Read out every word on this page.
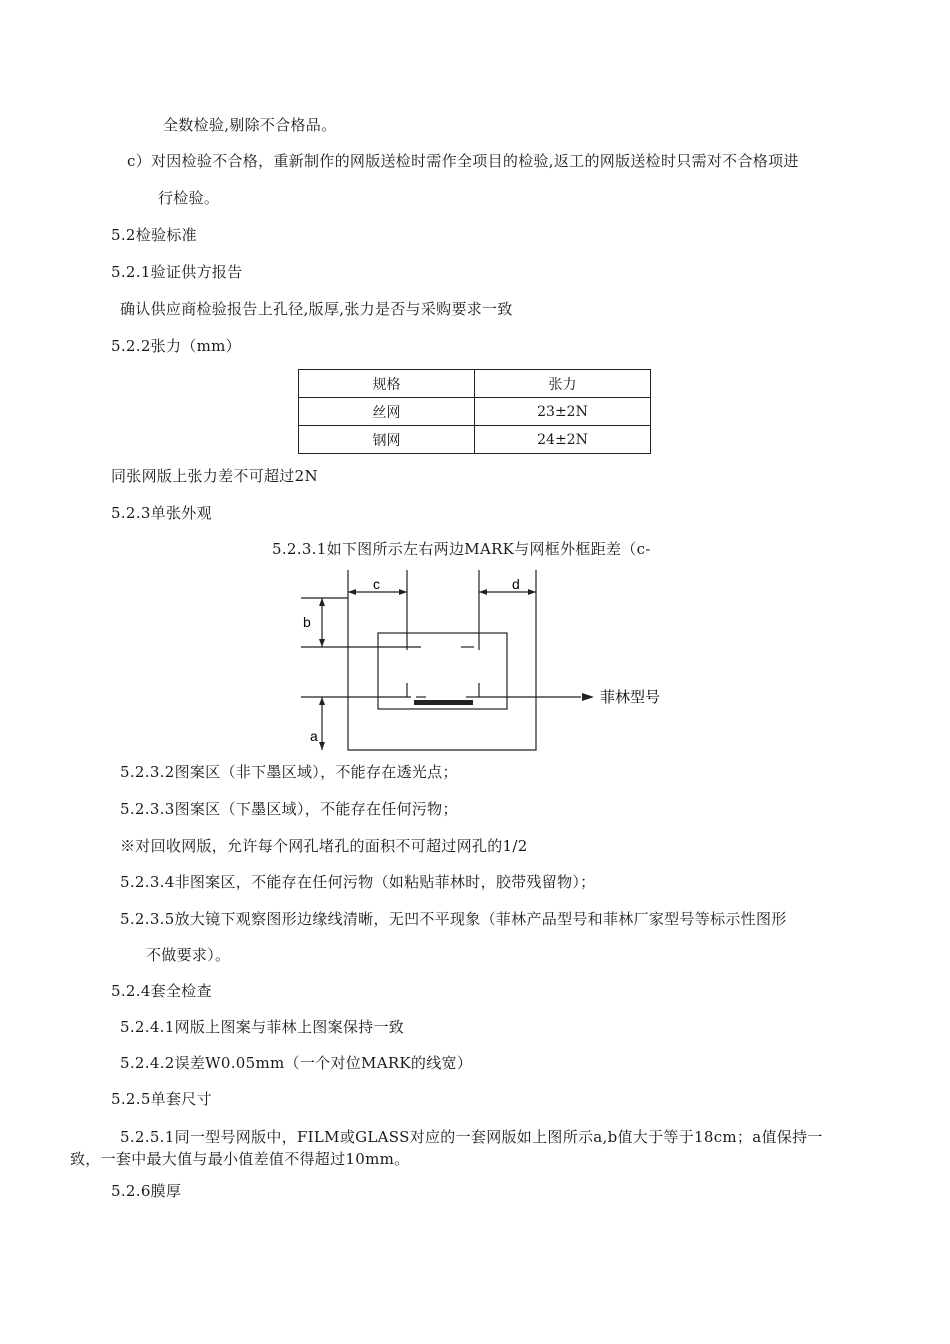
全数检验,剔除不合格品。
c）对因检验不合格，重新制作的网版送检时需作全项目的检验,返工的网版送检时只需对不合格项进
行检验。
5.2检验标准
5.2.1验证供方报告
确认供应商检验报告上孔径,版厚,张力是否与采购要求一致
5.2.2张力（mm）
规格	张力
丝网	23±2N
钢网	24±2N
同张网版上张力差不可超过2N
5.2.3单张外观
5.2.3.1如下图所示左右两边MARK与网框外框距差（c-
c	d
b
a
菲林型号
5.2.3.2图案区（非下墨区域），不能存在透光点；
5.2.3.3图案区（下墨区域），不能存在任何污物；
※对回收网版，允许每个网孔堵孔的面积不可超过网孔的1/2
5.2.3.4非图案区，不能存在任何污物（如粘贴菲林时，胶带残留物）；
5.2.3.5放大镜下观察图形边缘线清晰，无凹不平现象（菲林产品型号和菲林厂家型号等标示性图形
不做要求）。
5.2.4套全检查
5.2.4.1网版上图案与菲林上图案保持一致
5.2.4.2误差W0.05mm（一个对位MARK的线宽）
5.2.5单套尺寸
5.2.5.1同一型号网版中，FILM或GLASS对应的一套网版如上图所示a,b值大于等于18cm；a值保持一
致，一套中最大值与最小值差值不得超过10mm。
5.2.6膜厚
